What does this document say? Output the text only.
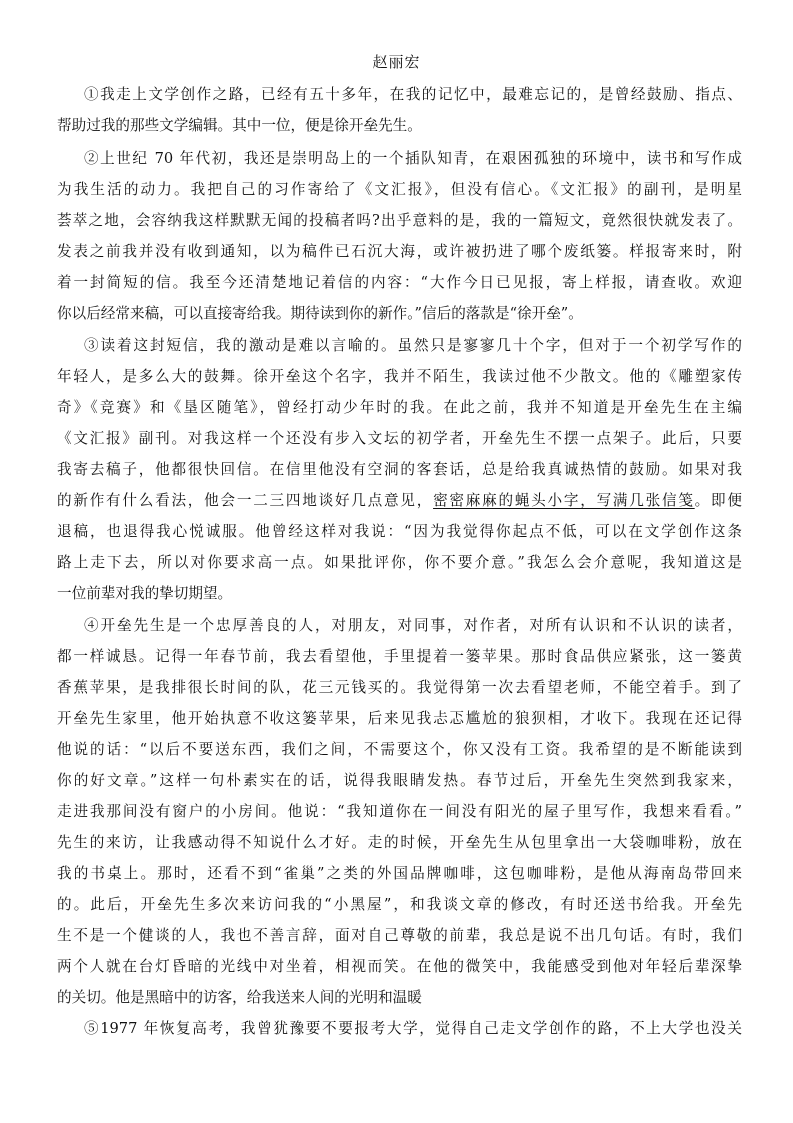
赵丽宏
①我走上文学创作之路，已经有五十多年，在我的记忆中，最难忘记的，是曾经鼓励、指点、
帮助过我的那些文学编辑。其中一位，便是徐开垒先生。
②上世纪 70 年代初，我还是崇明岛上的一个插队知青，在艰困孤独的环境中，读书和写作成
为我生活的动力。我把自己的习作寄给了《文汇报》，但没有信心。《文汇报》的副刊，是明星
荟萃之地，会容纳我这样默默无闻的投稿者吗?出乎意料的是，我的一篇短文，竟然很快就发表了。
发表之前我并没有收到通知，以为稿件已石沉大海，或许被扔进了哪个废纸篓。样报寄来时，附
着一封简短的信。我至今还清楚地记着信的内容：“大作今日已见报，寄上样报，请查收。欢迎
你以后经常来稿，可以直接寄给我。期待读到你的新作。”信后的落款是“徐开垒”。
③读着这封短信，我的激动是难以言喻的。虽然只是寥寥几十个字，但对于一个初学写作的
年轻人，是多么大的鼓舞。徐开垒这个名字，我并不陌生，我读过他不少散文。他的《雕塑家传
奇》《竞赛》和《垦区随笔》，曾经打动少年时的我。在此之前，我并不知道是开垒先生在主编
《文汇报》副刊。对我这样一个还没有步入文坛的初学者，开垒先生不摆一点架子。此后，只要
我寄去稿子，他都很快回信。在信里他没有空洞的客套话，总是给我真诚热情的鼓励。如果对我
的新作有什么看法，他会一二三四地谈好几点意见，密密麻麻的蝇头小字，写满几张信笺。即便
退稿，也退得我心悦诚服。他曾经这样对我说：“因为我觉得你起点不低，可以在文学创作这条
路上走下去，所以对你要求高一点。如果批评你，你不要介意。”我怎么会介意呢，我知道这是
一位前辈对我的挚切期望。
④开垒先生是一个忠厚善良的人，对朋友，对同事，对作者，对所有认识和不认识的读者，
都一样诚恳。记得一年春节前，我去看望他，手里提着一篓苹果。那时食品供应紧张，这一篓黄
香蕉苹果，是我排很长时间的队，花三元钱买的。我觉得第一次去看望老师，不能空着手。到了
开垒先生家里，他开始执意不收这篓苹果，后来见我忐忑尴尬的狼狈相，才收下。我现在还记得
他说的话：“以后不要送东西，我们之间，不需要这个，你又没有工资。我希望的是不断能读到
你的好文章。”这样一句朴素实在的话，说得我眼睛发热。春节过后，开垒先生突然到我家来，
走进我那间没有窗户的小房间。他说：“我知道你在一间没有阳光的屋子里写作，我想来看看。”
先生的来访，让我感动得不知说什么才好。走的时候，开垒先生从包里拿出一大袋咖啡粉，放在
我的书桌上。那时，还看不到“雀巢”之类的外国品牌咖啡，这包咖啡粉，是他从海南岛带回来
的。此后，开垒先生多次来访问我的“小黑屋”，和我谈文章的修改，有时还送书给我。开垒先
生不是一个健谈的人，我也不善言辞，面对自己尊敬的前辈，我总是说不出几句话。有时，我们
两个人就在台灯昏暗的光线中对坐着，相视而笑。在他的微笑中，我能感受到他对年轻后辈深挚
的关切。他是黑暗中的访客，给我送来人间的光明和温暖
⑤1977 年恢复高考，我曾犹豫要不要报考大学，觉得自己走文学创作的路，不上大学也没关
